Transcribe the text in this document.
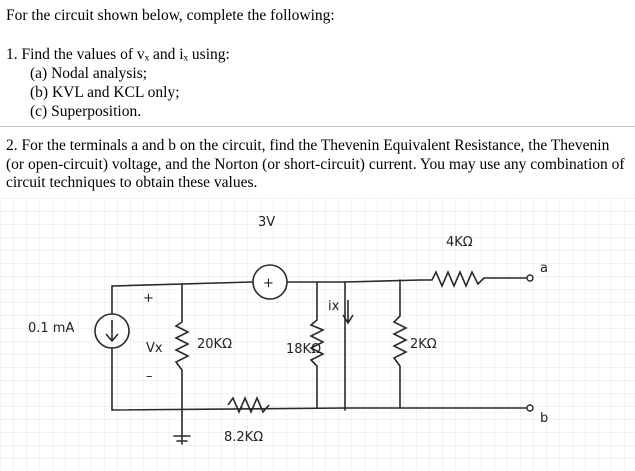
For the circuit shown below, complete the following:
1. Find the values of vₓ and iₓ using:
(a) Nodal analysis;
(b) KVL and KCL only;
(c) Superposition.
2. For the terminals a and b on the circuit, find the Thevenin Equivalent Resistance, the Thevenin (or open-circuit) voltage, and the Norton (or short-circuit) current. You may use any combination of circuit techniques to obtain these values.
3V
+
0.1 mA
+
Vx
–
20KΩ	18KΩ
ix
2KΩ
4KΩ
8.2KΩ
a
b
